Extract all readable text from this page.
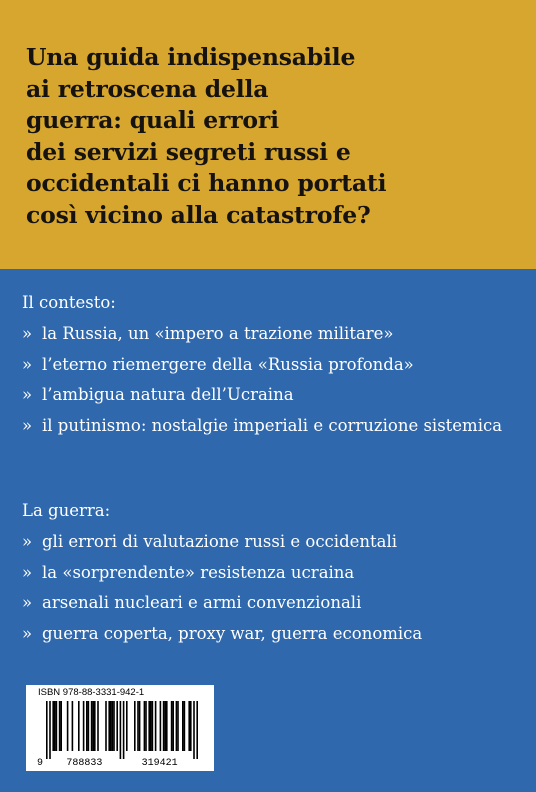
Una guida indispensabile
ai retroscena della
guerra: quali errori
dei servizi segreti russi e
occidentali ci hanno portati
così vicino alla catastrofe?
Il contesto:
» la Russia, un «impero a trazione militare»
» l’eterno riemergere della «Russia profonda»
» l’ambigua natura dell’Ucraina
» il putinismo: nostalgie imperiali e corruzione sistemica
La guerra:
» gli errori di valutazione russi e occidentali
» la «sorprendente» resistenza ucraina
» arsenali nucleari e armi convenzionali
» guerra coperta, proxy war, guerra economica
ISBN 978-88-3331-942-1
9 788833	319421
